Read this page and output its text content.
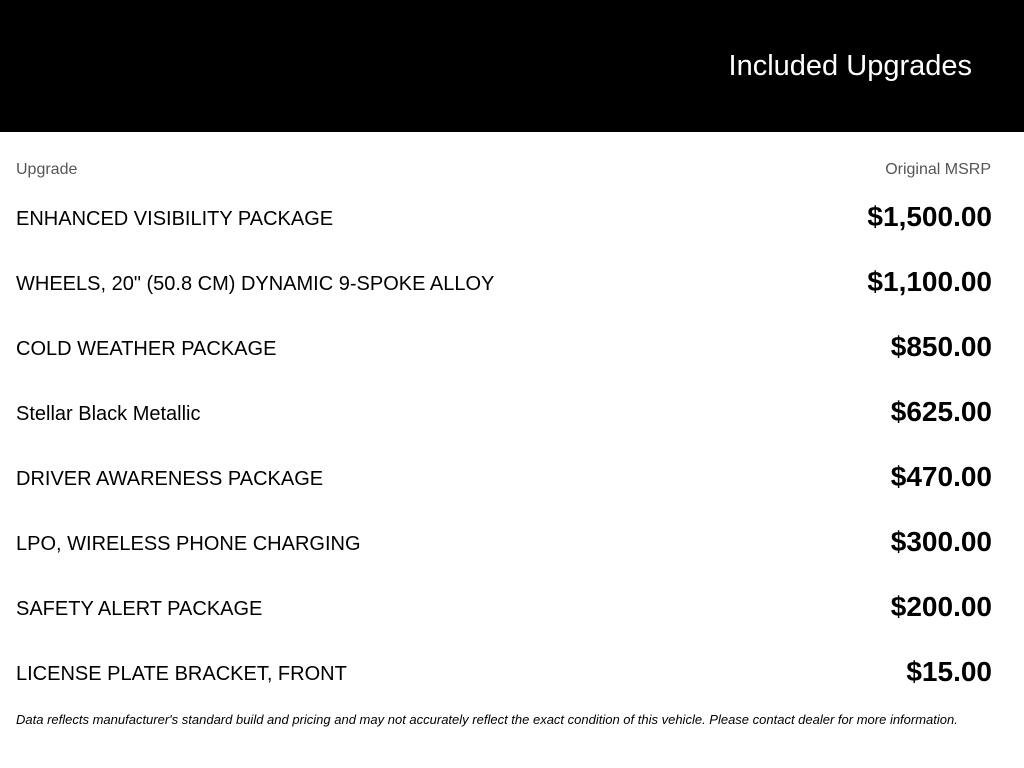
Included Upgrades
Upgrade	Original MSRP
ENHANCED VISIBILITY PACKAGE	$1,500.00
WHEELS, 20" (50.8 CM) DYNAMIC 9-SPOKE ALLOY	$1,100.00
COLD WEATHER PACKAGE	$850.00
Stellar Black Metallic	$625.00
DRIVER AWARENESS PACKAGE	$470.00
LPO, WIRELESS PHONE CHARGING	$300.00
SAFETY ALERT PACKAGE	$200.00
LICENSE PLATE BRACKET, FRONT	$15.00
Data reflects manufacturer's standard build and pricing and may not accurately reflect the exact condition of this vehicle. Please contact dealer for more information.
